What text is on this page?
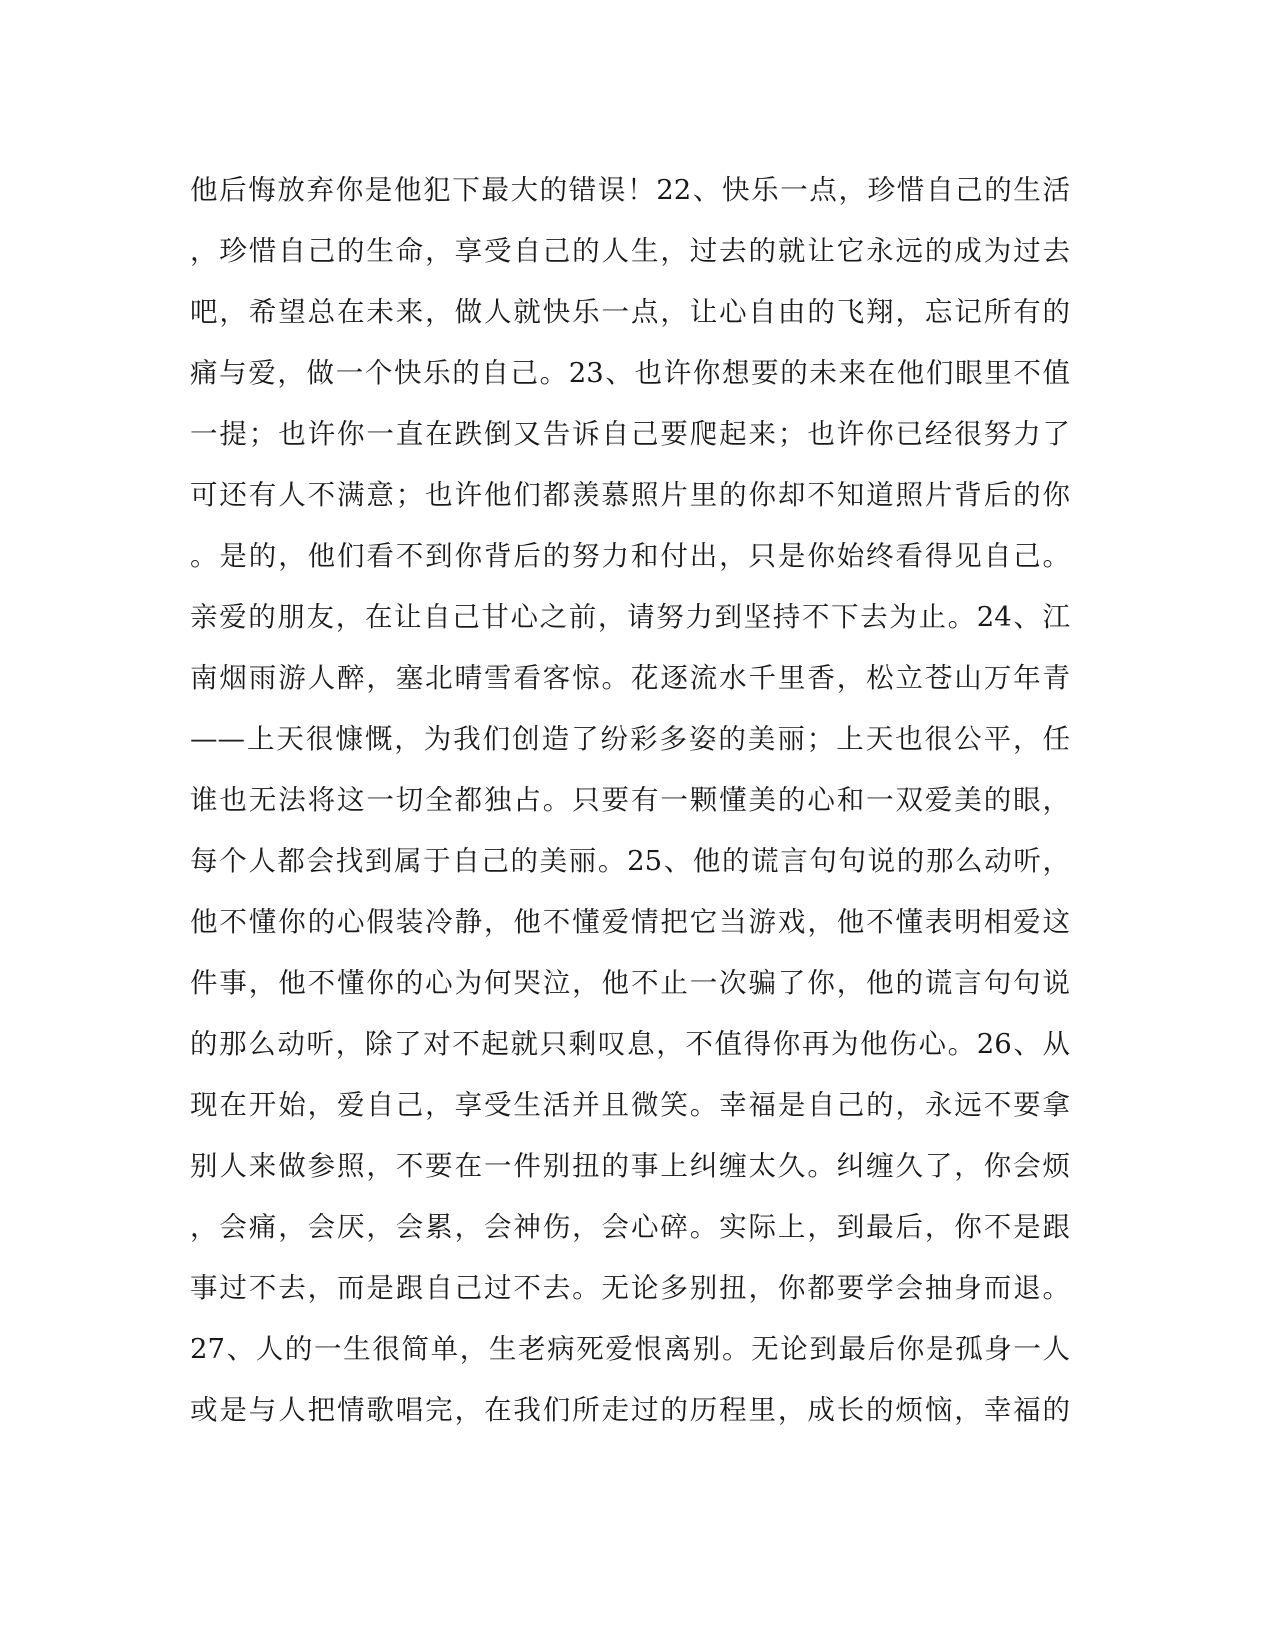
他后悔放弃你是他犯下最大的错误！22、快乐一点，珍惜自己的生活
，珍惜自己的生命，享受自己的人生，过去的就让它永远的成为过去
吧，希望总在未来，做人就快乐一点，让心自由的飞翔，忘记所有的
痛与爱，做一个快乐的自己。23、也许你想要的未来在他们眼里不值
一提；也许你一直在跌倒又告诉自己要爬起来；也许你已经很努力了
可还有人不满意；也许他们都羡慕照片里的你却不知道照片背后的你
。是的，他们看不到你背后的努力和付出，只是你始终看得见自己。
亲爱的朋友，在让自己甘心之前，请努力到坚持不下去为止。24、江
南烟雨游人醉，塞北晴雪看客惊。花逐流水千里香，松立苍山万年青
——上天很慷慨，为我们创造了纷彩多姿的美丽；上天也很公平，任
谁也无法将这一切全都独占。只要有一颗懂美的心和一双爱美的眼，
每个人都会找到属于自己的美丽。25、他的谎言句句说的那么动听，
他不懂你的心假装冷静，他不懂爱情把它当游戏，他不懂表明相爱这
件事，他不懂你的心为何哭泣，他不止一次骗了你，他的谎言句句说
的那么动听，除了对不起就只剩叹息，不值得你再为他伤心。26、从
现在开始，爱自己，享受生活并且微笑。幸福是自己的，永远不要拿
别人来做参照，不要在一件别扭的事上纠缠太久。纠缠久了，你会烦
，会痛，会厌，会累，会神伤，会心碎。实际上，到最后，你不是跟
事过不去，而是跟自己过不去。无论多别扭，你都要学会抽身而退。
27、人的一生很简单，生老病死爱恨离别。无论到最后你是孤身一人
或是与人把情歌唱完，在我们所走过的历程里，成长的烦恼，幸福的
